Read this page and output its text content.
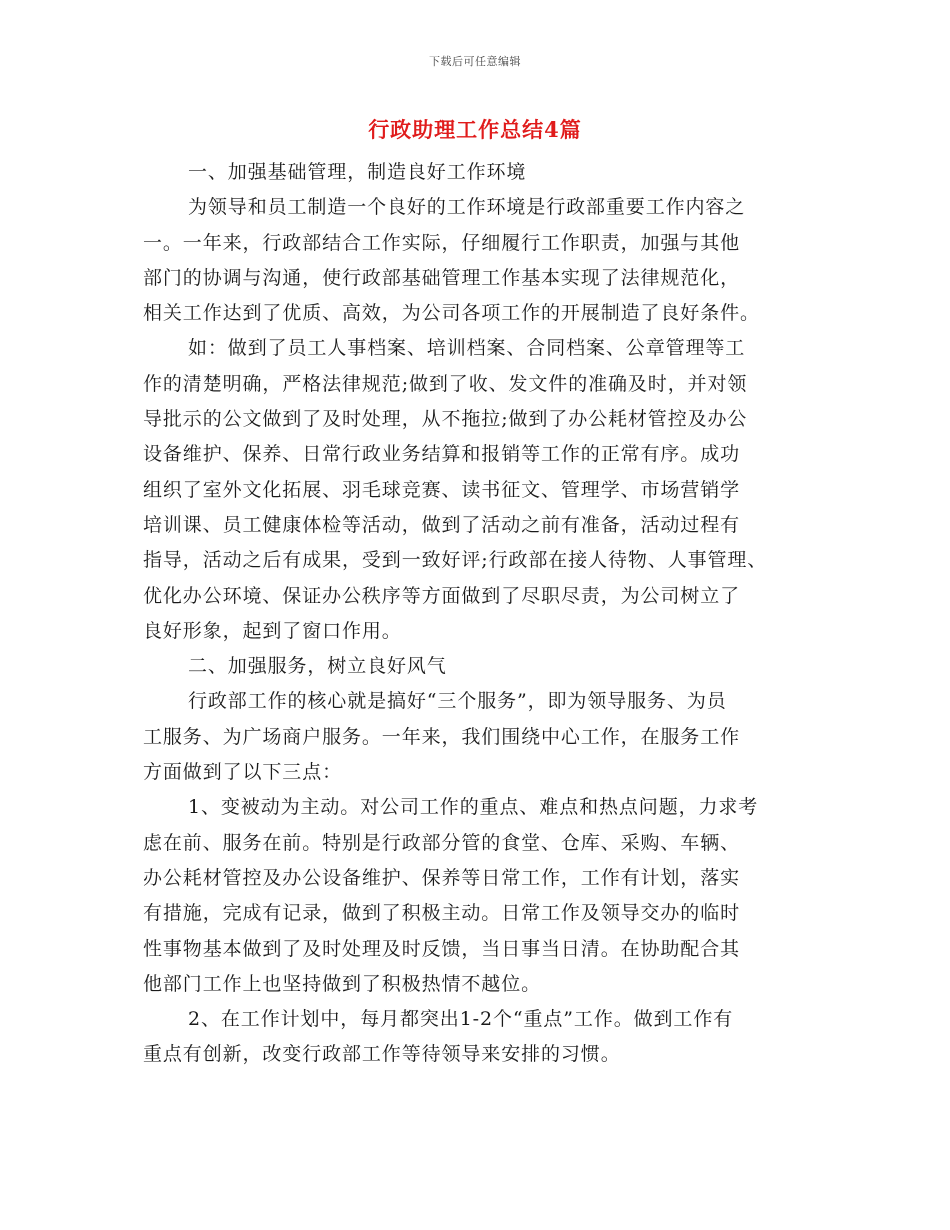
下载后可任意编辑
行政助理工作总结4篇
一、加强基础管理，制造良好工作环境
为领导和员工制造一个良好的工作环境是行政部重要工作内容之
一。一年来，行政部结合工作实际，仔细履行工作职责，加强与其他
部门的协调与沟通，使行政部基础管理工作基本实现了法律规范化，
相关工作达到了优质、高效，为公司各项工作的开展制造了良好条件。
如：做到了员工人事档案、培训档案、合同档案、公章管理等工
作的清楚明确，严格法律规范;做到了收、发文件的准确及时，并对领
导批示的公文做到了及时处理，从不拖拉;做到了办公耗材管控及办公
设备维护、保养、日常行政业务结算和报销等工作的正常有序。成功
组织了室外文化拓展、羽毛球竞赛、读书征文、管理学、市场营销学
培训课、员工健康体检等活动，做到了活动之前有准备，活动过程有
指导，活动之后有成果，受到一致好评;行政部在接人待物、人事管理、
优化办公环境、保证办公秩序等方面做到了尽职尽责，为公司树立了
良好形象，起到了窗口作用。
二、加强服务，树立良好风气
行政部工作的核心就是搞好“三个服务”，即为领导服务、为员
工服务、为广场商户服务。一年来，我们围绕中心工作，在服务工作
方面做到了以下三点：
1、变被动为主动。对公司工作的重点、难点和热点问题，力求考
虑在前、服务在前。特别是行政部分管的食堂、仓库、采购、车辆、
办公耗材管控及办公设备维护、保养等日常工作，工作有计划，落实
有措施，完成有记录，做到了积极主动。日常工作及领导交办的临时
性事物基本做到了及时处理及时反馈，当日事当日清。在协助配合其
他部门工作上也坚持做到了积极热情不越位。
2、在工作计划中，每月都突出1-2个“重点”工作。做到工作有
重点有创新，改变行政部工作等待领导来安排的习惯。
